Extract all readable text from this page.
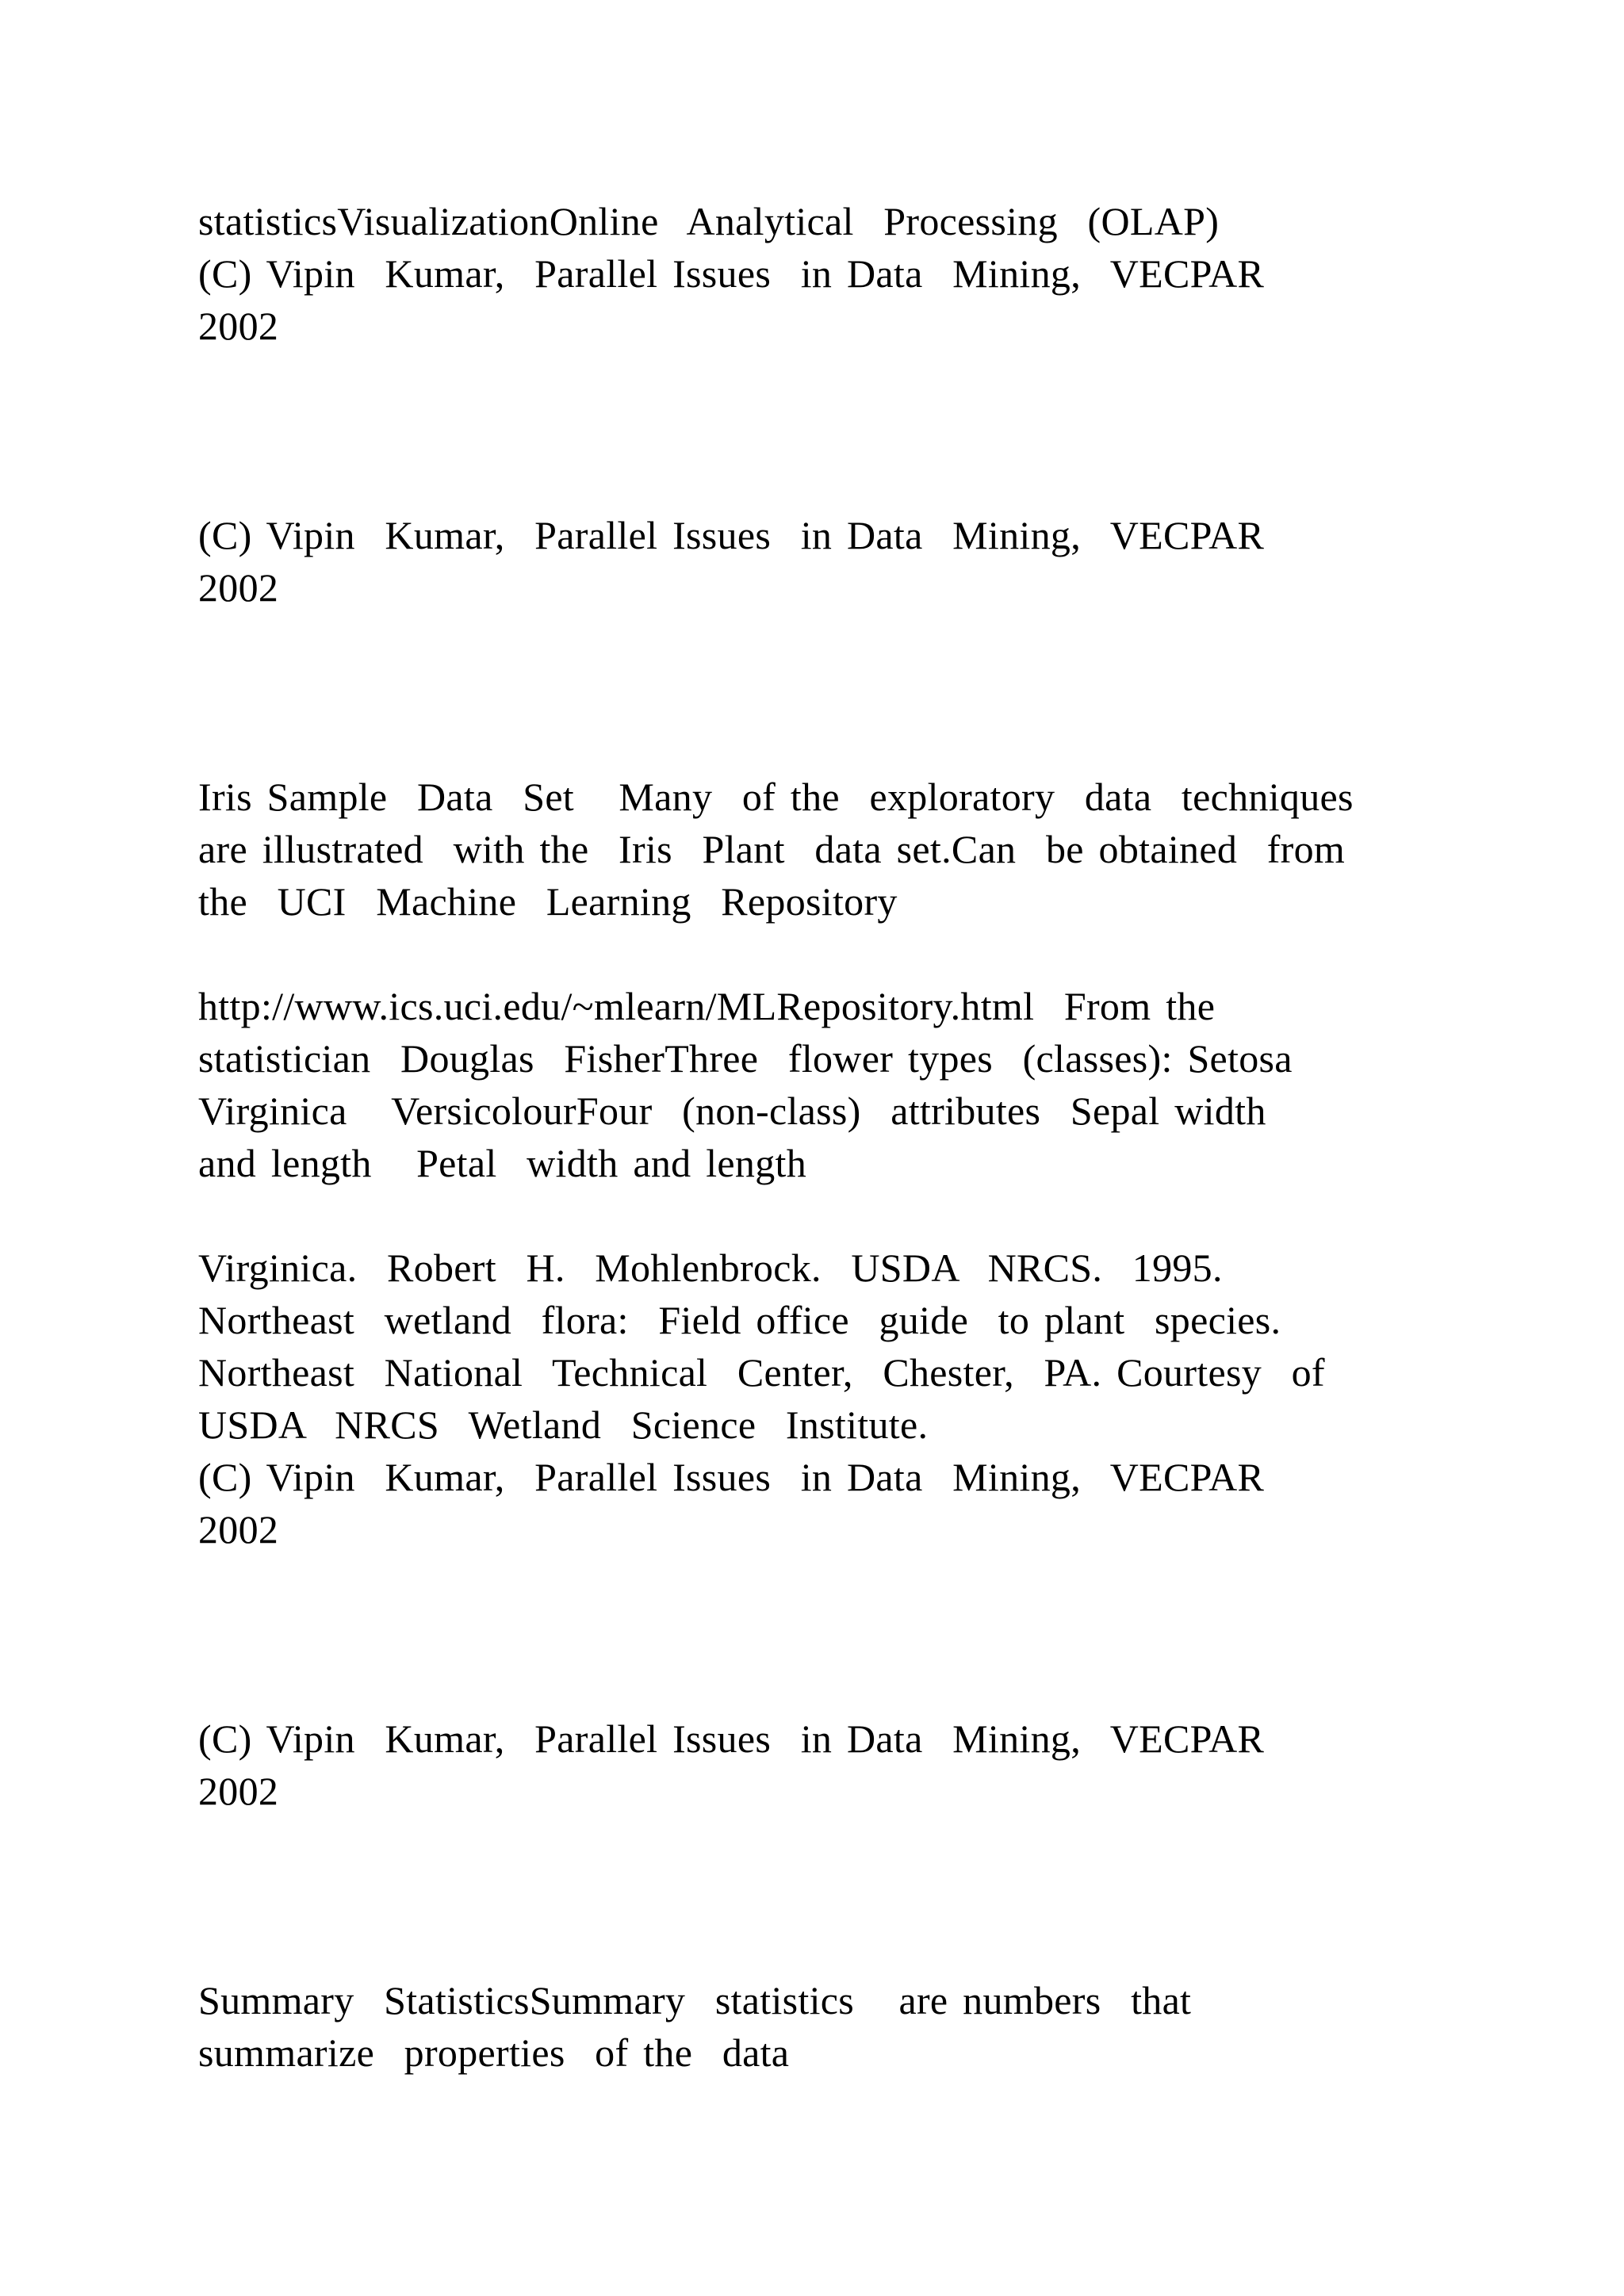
statisticsVisualizationOnline  Analytical  Processing  (OLAP)
(C) Vipin  Kumar,  Parallel Issues  in Data  Mining,  VECPAR
2002
(C) Vipin  Kumar,  Parallel Issues  in Data  Mining,  VECPAR
2002
Iris Sample  Data  Set   Many  of the  exploratory  data  techniques
are illustrated  with the  Iris  Plant  data set.Can  be obtained  from
the  UCI  Machine  Learning  Repository
http://www.ics.uci.edu/~mlearn/MLRepository.html  From the
statistician  Douglas  FisherThree  flower types  (classes): Setosa
Virginica   VersicolourFour  (non-class)  attributes  Sepal width
and length   Petal  width and length
Virginica.  Robert  H.  Mohlenbrock.  USDA  NRCS.  1995.
Northeast  wetland  flora:  Field office  guide  to plant  species.
Northeast  National  Technical  Center,  Chester,  PA. Courtesy  of
USDA  NRCS  Wetland  Science  Institute.
(C) Vipin  Kumar,  Parallel Issues  in Data  Mining,  VECPAR
2002
(C) Vipin  Kumar,  Parallel Issues  in Data  Mining,  VECPAR
2002
Summary  StatisticsSummary  statistics   are numbers  that
summarize  properties  of the  data
